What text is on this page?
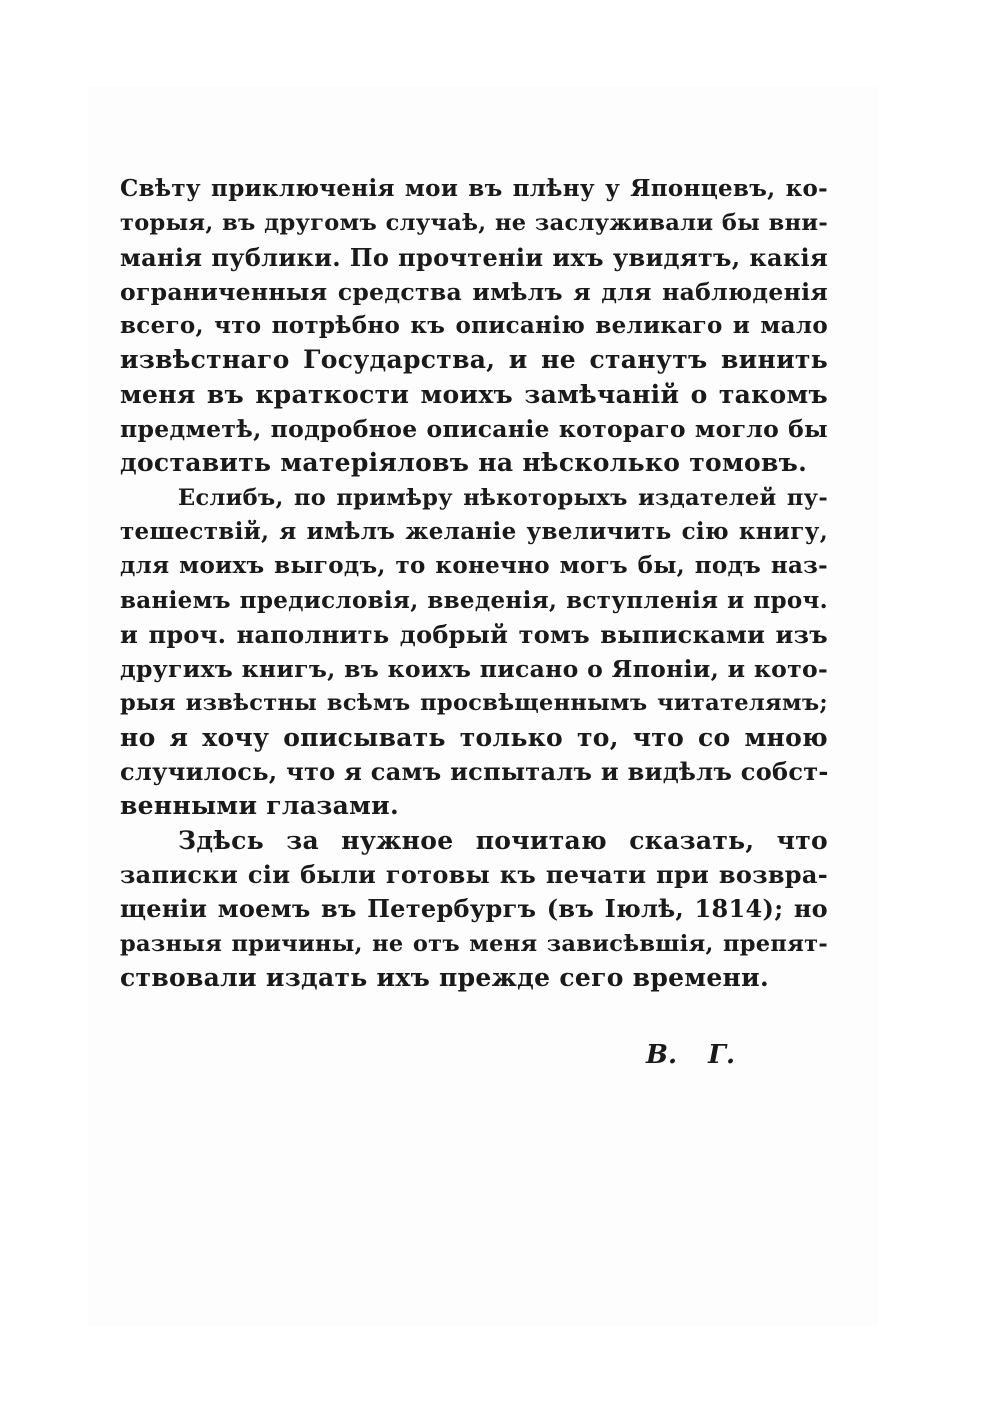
Свѣту приключенія мои въ плѣну у Японцевъ, ко-
торыя, въ другомъ случаѣ, не заслуживали бы вни-
манія публики. По прочтеніи ихъ увидятъ, какія
ограниченныя средства имѣлъ я для наблюденія
всего, что потрѣбно къ описанію великаго и мало
извѣстнаго Государства, и не станутъ винить
меня въ краткости моихъ замѣчаній о такомъ
предметѣ, подробное описаніе котораго могло бы
доставить матеріяловъ на нѣсколько томовъ.
Еслибъ, по примѣру нѣкоторыхъ издателей пу-
тешествій, я имѣлъ желаніе увеличить сію книгу,
для моихъ выгодъ, то конечно могъ бы, подъ наз-
ваніемъ предисловія, введенія, вступленія и проч.
и проч. наполнить добрый томъ выписками изъ
другихъ книгъ, въ коихъ писано о Японіи, и кото-
рыя извѣстны всѣмъ просвѣщеннымъ читателямъ;
но я хочу описывать только то, что со мною
случилось, что я самъ испыталъ и видѣлъ собст-
венными глазами.
Здѣсь за нужное почитаю сказать, что
записки сіи были готовы къ печати при возвра-
щеніи моемъ въ Петербургъ (въ Іюлѣ, 1814); но
разныя причины, не отъ меня зависѣвшія, препят-
ствовали издать ихъ прежде сего времени.
В. Г.
